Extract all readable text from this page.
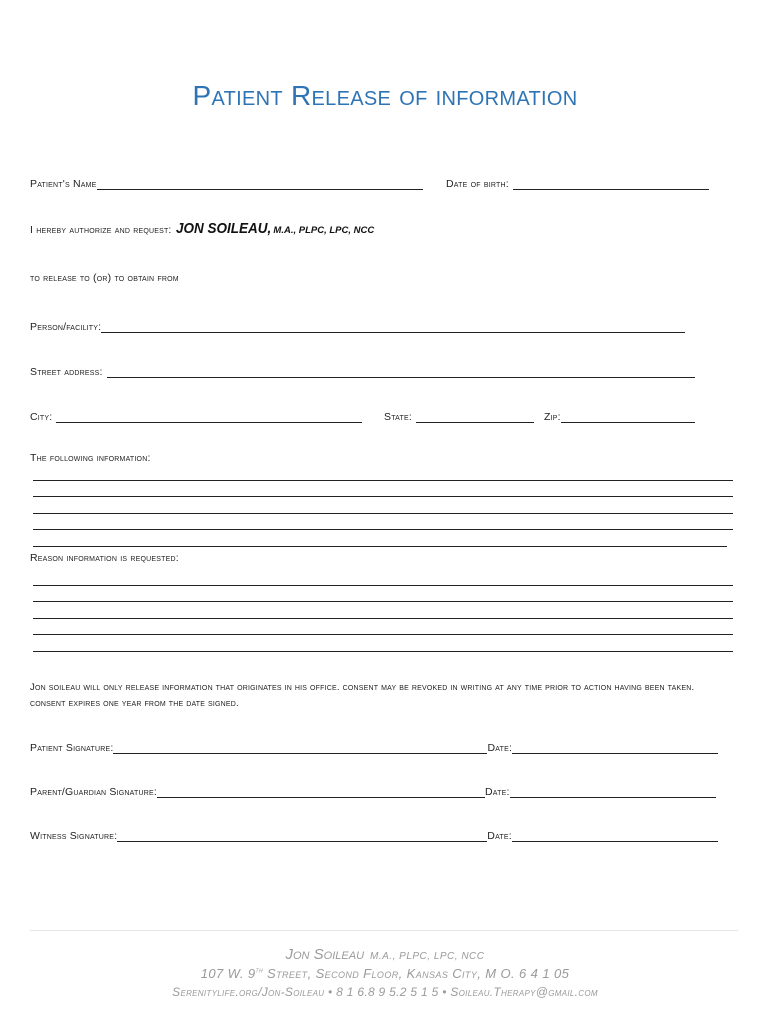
Patient Release of information
Patient's Name	Date of birth:
I hereby authorize and request: JON SOILEAU, M.A., PLPC, LPC, NCC
to release to (or) to obtain from
Person/facility:
Street address:
City:	State:	Zip:
The following information:
Reason information is requested:
Jon soileau will only release information that originates in his office. consent may be revoked in writing at any time prior to action having been taken. consent expires one year from the date signed.
Patient Signature:	Date:
Parent/Guardian Signature:	Date:
Witness Signature:	Date:
Jon Soileau M.A., PLPC, LPC, NCC
107 W. 9th Street, Second Floor, Kansas City, M O. 6 4 1 05
Serenitylife.org/Jon-Soileau • 8 1 6.8 9 5.2 5 1 5 • Soileau.Therapy@gmail.com
